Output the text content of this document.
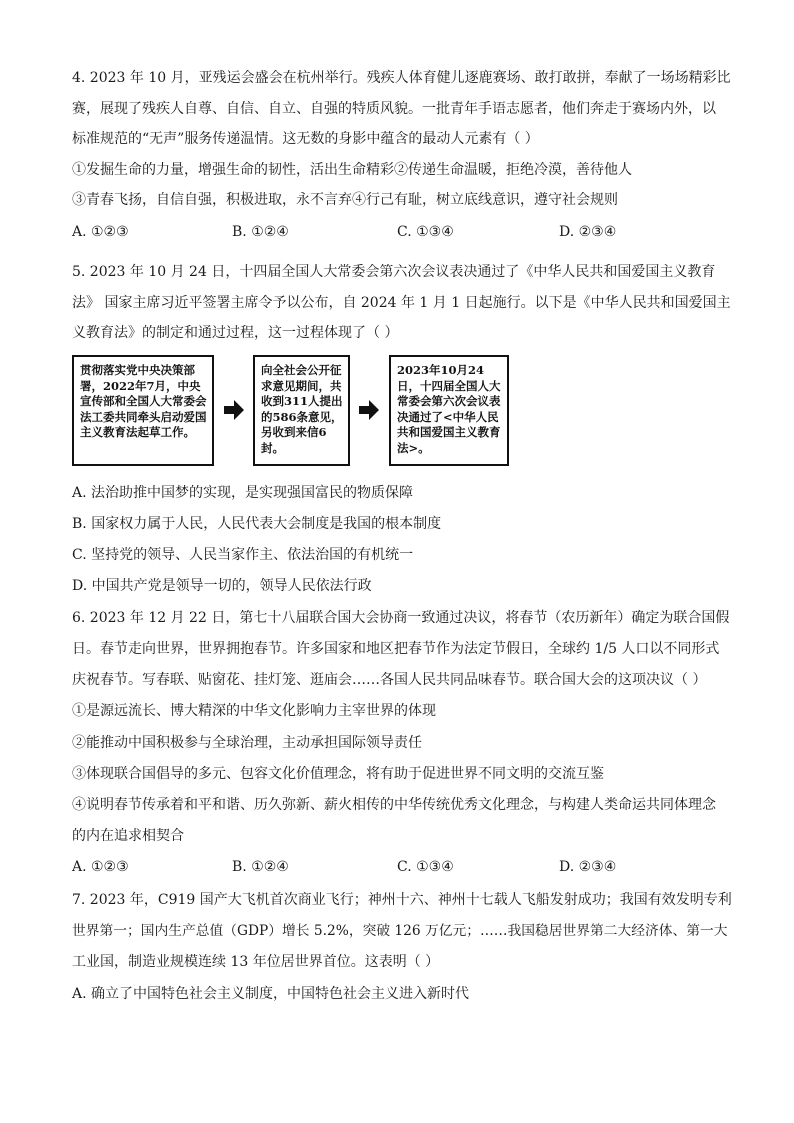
4. 2023 年 10 月，亚残运会盛会在杭州举行。残疾人体育健儿逐鹿赛场、敢打敢拼，奉献了一场场精彩比
赛，展现了残疾人自尊、自信、自立、自强的特质风貌。一批青年手语志愿者，他们奔走于赛场内外，以
标准规范的“无声”服务传递温情。这无数的身影中蕴含的最动人元素有（ ）
①发掘生命的力量，增强生命的韧性，活出生命精彩②传递生命温暖，拒绝冷漠，善待他人
③青春飞扬，自信自强，积极进取，永不言弃④行己有耻，树立底线意识，遵守社会规则
A. ①②③	B. ①②④	C. ①③④	D. ②③④
5. 2023 年 10 月 24 日，十四届全国人大常委会第六次会议表决通过了《中华人民共和国爱国主义教育
法》 国家主席习近平签署主席令予以公布，自 2024 年 1 月 1 日起施行。以下是《中华人民共和国爱国主
义教育法》的制定和通过过程，这一过程体现了（ ）
贯彻落实党中央决策部署，2022年7月，中央宣传部和全国人大常委会法工委共同牵头启动爱国主义教育法起草工作。
向全社会公开征求意见期间，共收到311人提出的586条意见，另收到来信6封。
2023年10月24日，十四届全国人大常委会第六次会议表决通过了<中华人民共和国爱国主义教育法>。
A. 法治助推中国梦的实现，是实现强国富民的物质保障
B. 国家权力属于人民，人民代表大会制度是我国的根本制度
C. 坚持党的领导、人民当家作主、依法治国的有机统一
D. 中国共产党是领导一切的，领导人民依法行政
6. 2023 年 12 月 22 日，第七十八届联合国大会协商一致通过决议，将春节（农历新年）确定为联合国假
日。春节走向世界，世界拥抱春节。许多国家和地区把春节作为法定节假日，全球约 1/5 人口以不同形式
庆祝春节。写春联、贴窗花、挂灯笼、逛庙会……各国人民共同品味春节。联合国大会的这项决议（ ）
①是源远流长、博大精深的中华文化影响力主宰世界的体现
②能推动中国积极参与全球治理，主动承担国际领导责任
③体现联合国倡导的多元、包容文化价值理念，将有助于促进世界不同文明的交流互鉴
④说明春节传承着和平和谐、历久弥新、薪火相传的中华传统优秀文化理念，与构建人类命运共同体理念
的内在追求相契合
A. ①②③	B. ①②④	C. ①③④	D. ②③④
7. 2023 年，C919 国产大飞机首次商业飞行；神州十六、神州十七载人飞船发射成功；我国有效发明专利
世界第一；国内生产总值（GDP）增长 5.2%，突破 126 万亿元；……我国稳居世界第二大经济体、第一大
工业国，制造业规模连续 13 年位居世界首位。这表明（ ）
A. 确立了中国特色社会主义制度，中国特色社会主义进入新时代
